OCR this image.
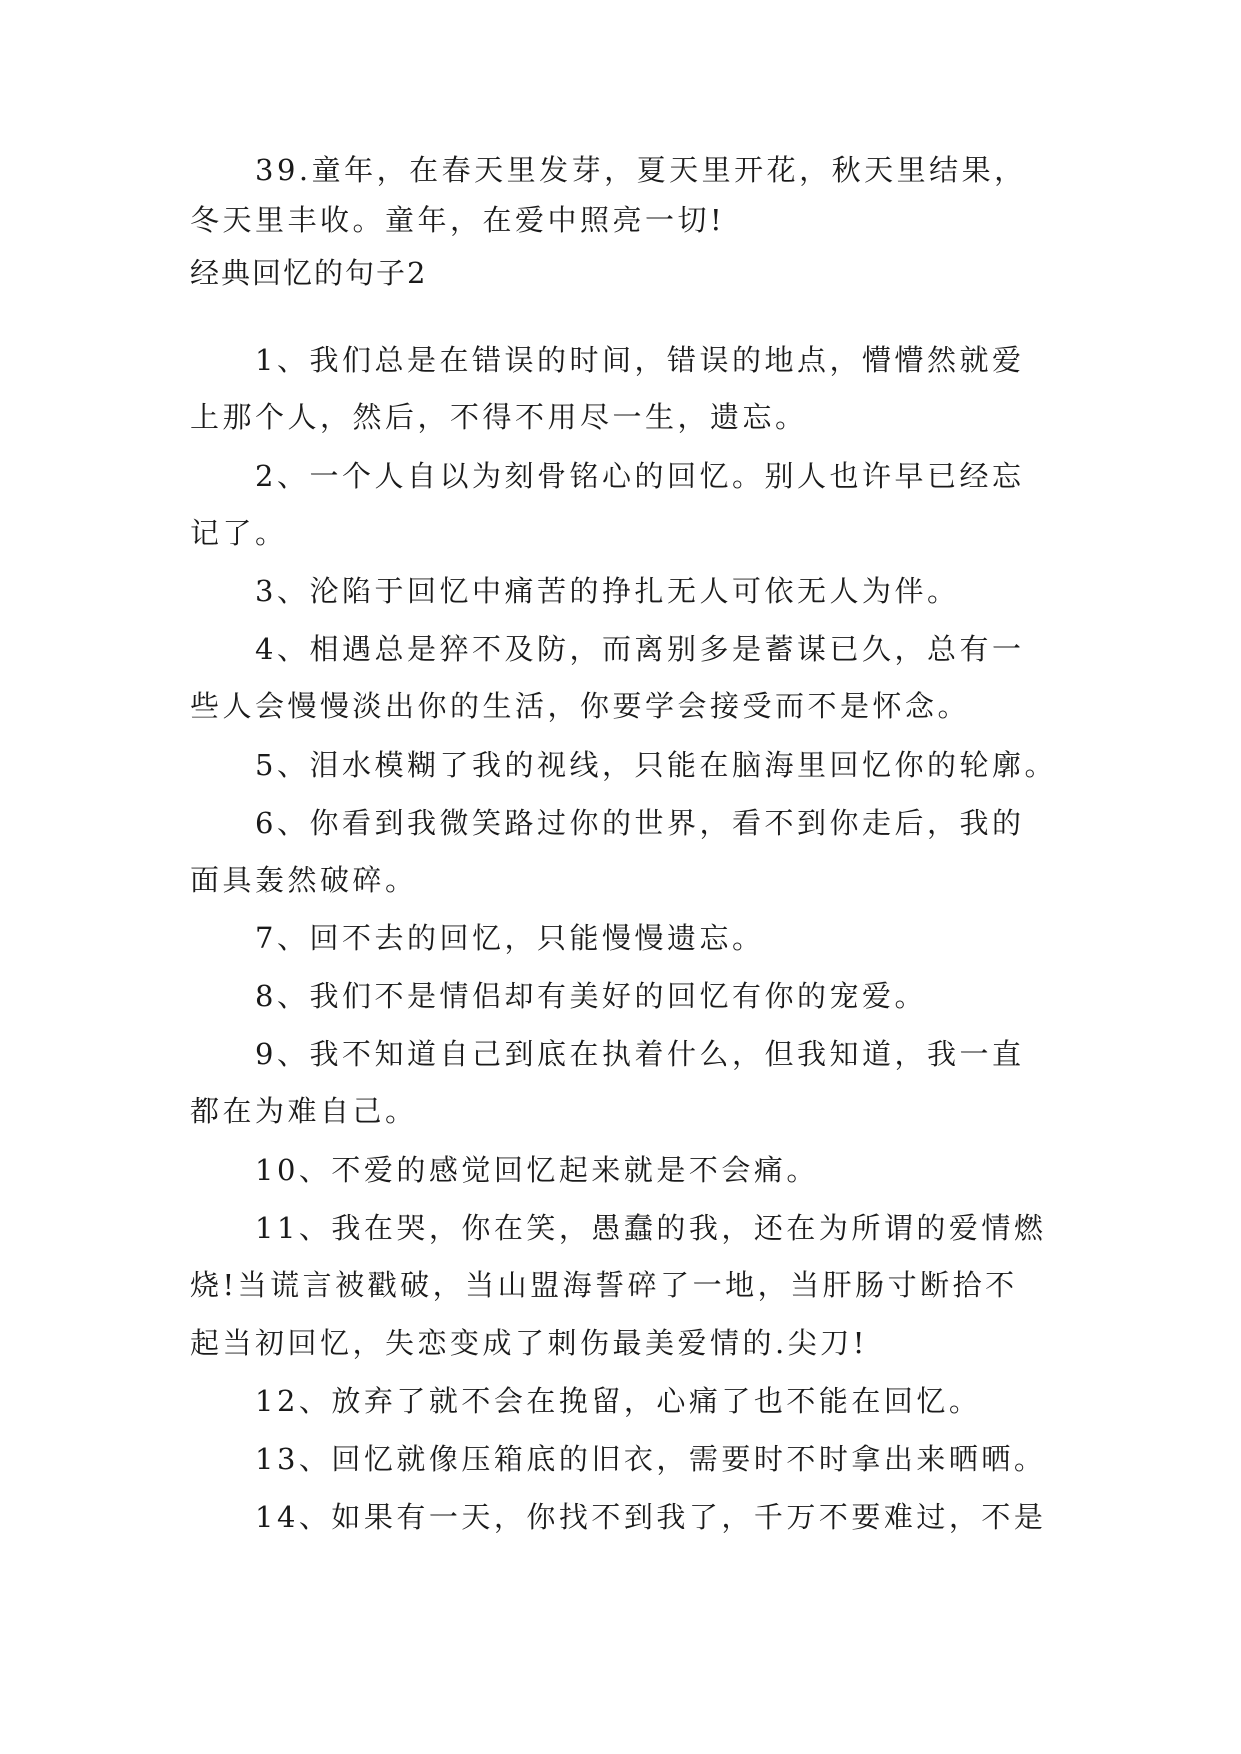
39.童年，在春天里发芽，夏天里开花，秋天里结果，
冬天里丰收。童年，在爱中照亮一切!
经典回忆的句子2
1、我们总是在错误的时间，错误的地点，懵懵然就爱
上那个人，然后，不得不用尽一生，遗忘。
2、一个人自以为刻骨铭心的回忆。别人也许早已经忘
记了。
3、沦陷于回忆中痛苦的挣扎无人可依无人为伴。
4、相遇总是猝不及防，而离别多是蓄谋已久，总有一
些人会慢慢淡出你的生活，你要学会接受而不是怀念。
5、泪水模糊了我的视线，只能在脑海里回忆你的轮廓。
6、你看到我微笑路过你的世界，看不到你走后，我的
面具轰然破碎。
7、回不去的回忆，只能慢慢遗忘。
8、我们不是情侣却有美好的回忆有你的宠爱。
9、我不知道自己到底在执着什么，但我知道，我一直
都在为难自己。
10、不爱的感觉回忆起来就是不会痛。
11、我在哭，你在笑，愚蠢的我，还在为所谓的爱情燃
烧!当谎言被戳破，当山盟海誓碎了一地，当肝肠寸断拾不
起当初回忆，失恋变成了刺伤最美爱情的.尖刀!
12、放弃了就不会在挽留，心痛了也不能在回忆。
13、回忆就像压箱底的旧衣，需要时不时拿出来晒晒。
14、如果有一天，你找不到我了，千万不要难过，不是
